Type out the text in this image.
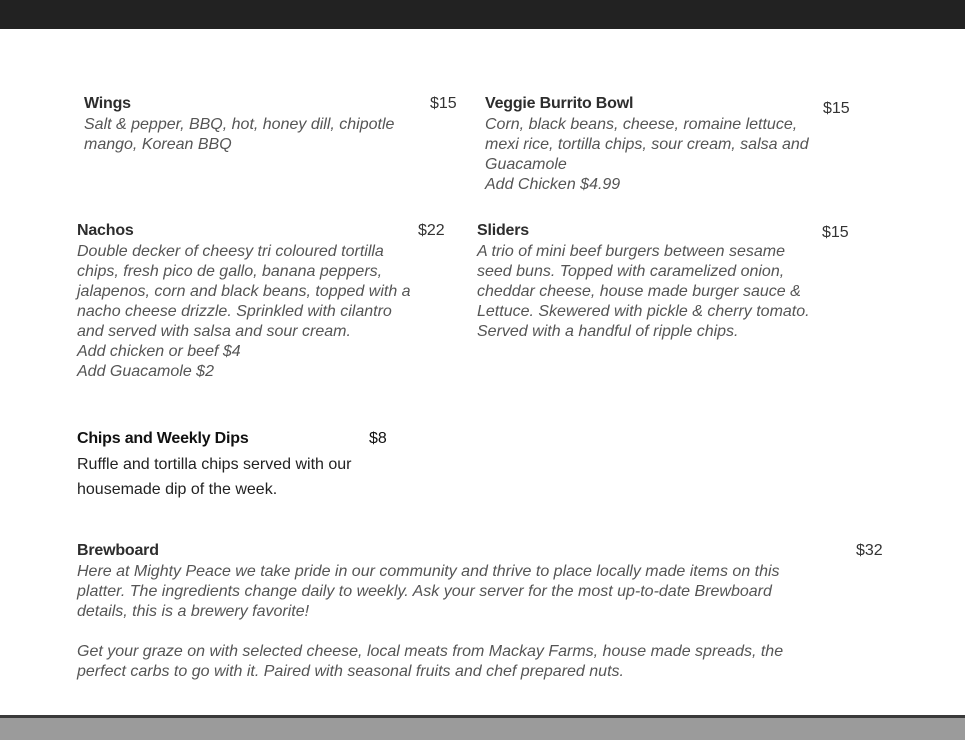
Wings	$15
Salt & pepper, BBQ, hot, honey dill, chipotle
mango, Korean BBQ
Veggie Burrito Bowl	$15
Corn, black beans, cheese, romaine lettuce,
mexi rice, tortilla chips, sour cream, salsa and
Guacamole
Add Chicken $4.99
Nachos	$22
Double decker of cheesy tri coloured tortilla
chips, fresh pico de gallo, banana peppers,
jalapenos, corn and black beans, topped with a
nacho cheese drizzle. Sprinkled with cilantro
and served with salsa and sour cream.
Add chicken or beef $4
Add Guacamole $2
Sliders	$15
A trio of mini beef burgers between sesame
seed buns. Topped with caramelized onion,
cheddar cheese, house made burger sauce &
Lettuce. Skewered with pickle & cherry tomato.
Served with a handful of ripple chips.
Chips and Weekly Dips	$8
Ruffle and tortilla chips served with our
housemade dip of the week.
Brewboard	$32
Here at Mighty Peace we take pride in our community and thrive to place locally made items on this
platter. The ingredients change daily to weekly. Ask your server for the most up-to-date Brewboard
details, this is a brewery favorite!
Get your graze on with selected cheese, local meats from Mackay Farms, house made spreads, the
perfect carbs to go with it. Paired with seasonal fruits and chef prepared nuts.
